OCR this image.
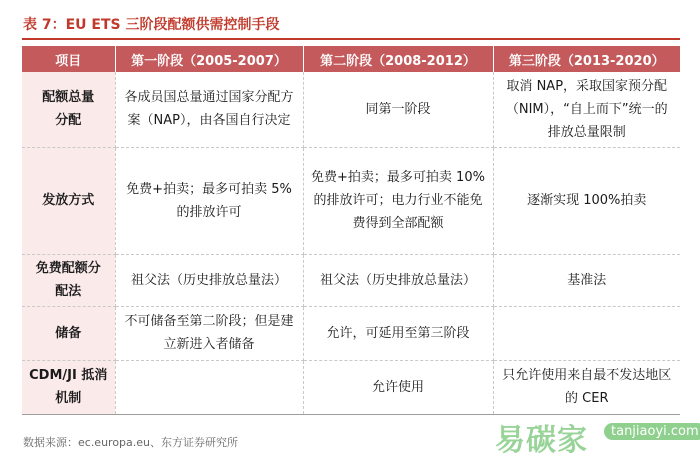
表 7：EU ETS 三阶段配额供需控制手段
项目	第一阶段（2005-2007）	第二阶段（2008-2012）	第三阶段（2013-2020）
配额总量分配	各成员国总量通过国家分配方案（NAP），由各国自行决定	同第一阶段	取消 NAP，采取国家预分配（NIM），“自上而下”统一的排放总量限制
发放方式	免费+拍卖；最多可拍卖 5%的排放许可	免费+拍卖；最多可拍卖 10%的排放许可；电力行业不能免费得到全部配额	逐渐实现 100%拍卖
免费配额分配法	祖父法（历史排放总量法）	祖父法（历史排放总量法）	基准法
储备	不可储备至第二阶段；但是建立新进入者储备	允许，可延用至第三阶段	
CDM/JI 抵消机制		允许使用	只允许使用来自最不发达地区的 CER
数据来源：ec.europa.eu、东方证券研究所	易碳家	tanjiaoyi.com
